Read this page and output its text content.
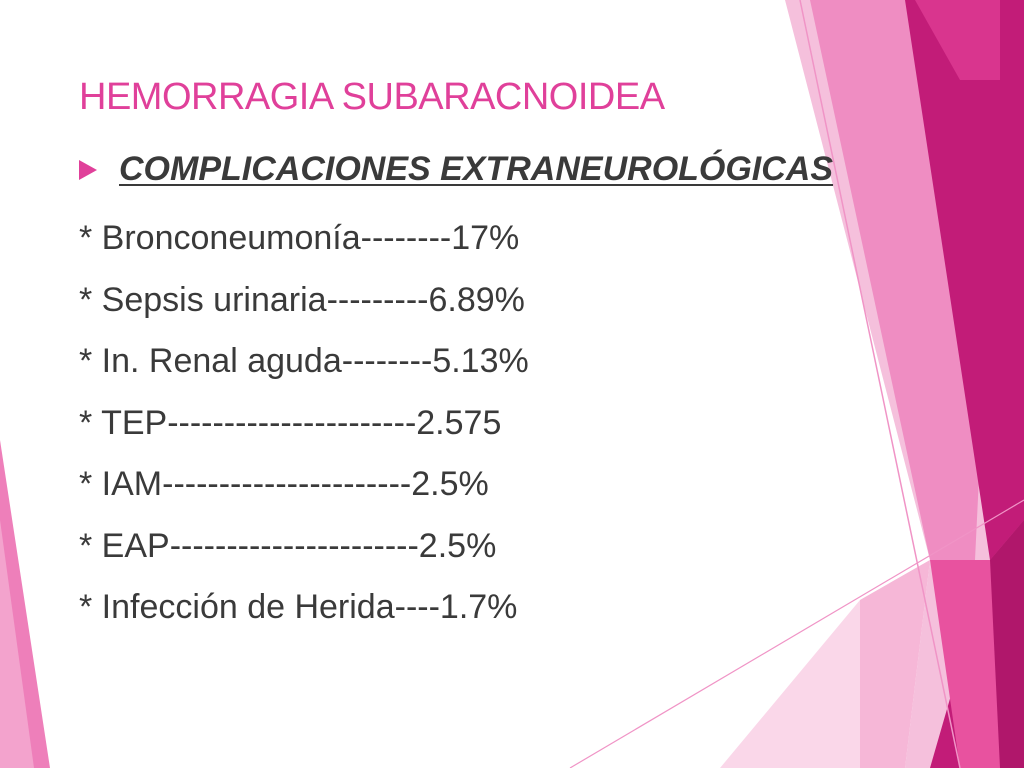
HEMORRAGIA SUBARACNOIDEA
COMPLICACIONES EXTRANEUROLÓGICAS
* Bronconeumonía--------17%
* Sepsis urinaria---------6.89%
* In. Renal aguda--------5.13%
* TEP----------------------2.575
* IAM----------------------2.5%
* EAP----------------------2.5%
* Infección de Herida----1.7%
